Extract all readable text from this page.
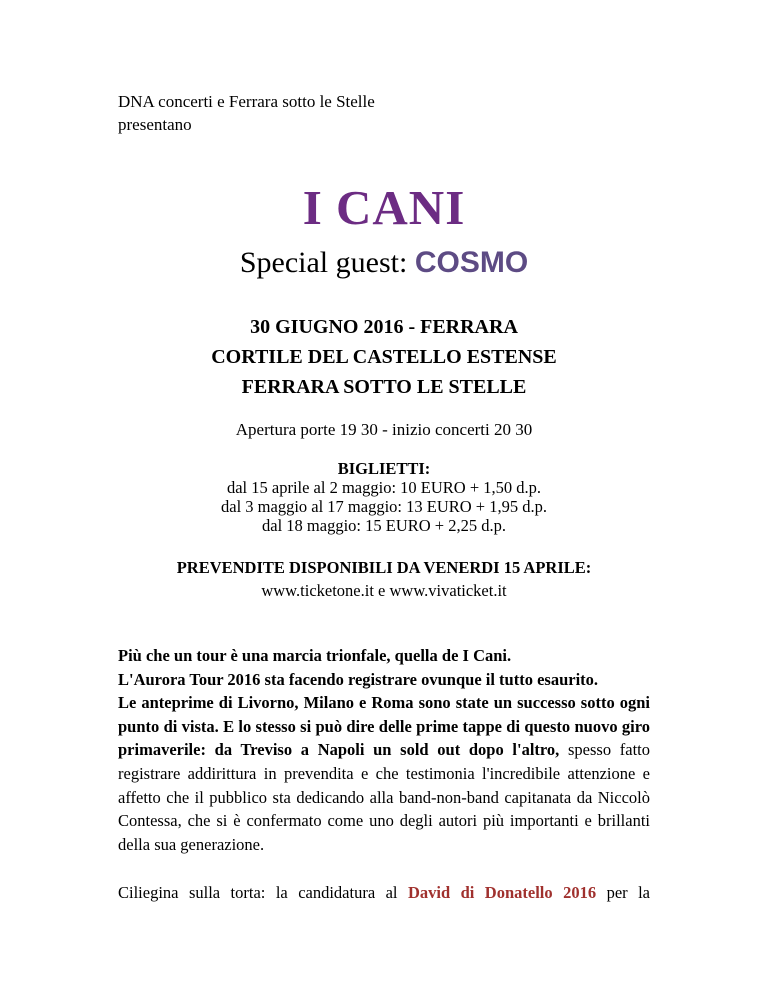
DNA concerti e Ferrara sotto le Stelle
presentano
I CANI
Special guest: COSMO
30 GIUGNO 2016 - FERRARA
CORTILE DEL CASTELLO ESTENSE
FERRARA SOTTO LE STELLE
Apertura porte 19 30 - inizio concerti 20 30
BIGLIETTI:
dal 15 aprile al 2 maggio: 10 EURO + 1,50 d.p.
dal 3 maggio al 17 maggio: 13 EURO + 1,95 d.p.
dal 18 maggio: 15 EURO + 2,25 d.p.
PREVENDITE DISPONIBILI DA VENERDI 15 APRILE:
www.ticketone.it e www.vivaticket.it

Più che un tour è una marcia trionfale, quella de I Cani.

L'Aurora Tour 2016 sta facendo registrare ovunque il tutto esaurito.

Le anteprime di Livorno, Milano e Roma sono state un successo sotto ogni punto di vista. E lo stesso si può dire delle prime tappe di questo nuovo giro primaverile: da Treviso a Napoli un sold out dopo l'altro, spesso fatto registrare addirittura in prevendita e che testimonia l'incredibile attenzione e affetto che il pubblico sta dedicando alla band-non-band capitanata da Niccolò Contessa, che si è confermato come uno degli autori più importanti e brillanti della sua generazione.

Ciliegina sulla torta: la candidatura al David di Donatello 2016 per la
